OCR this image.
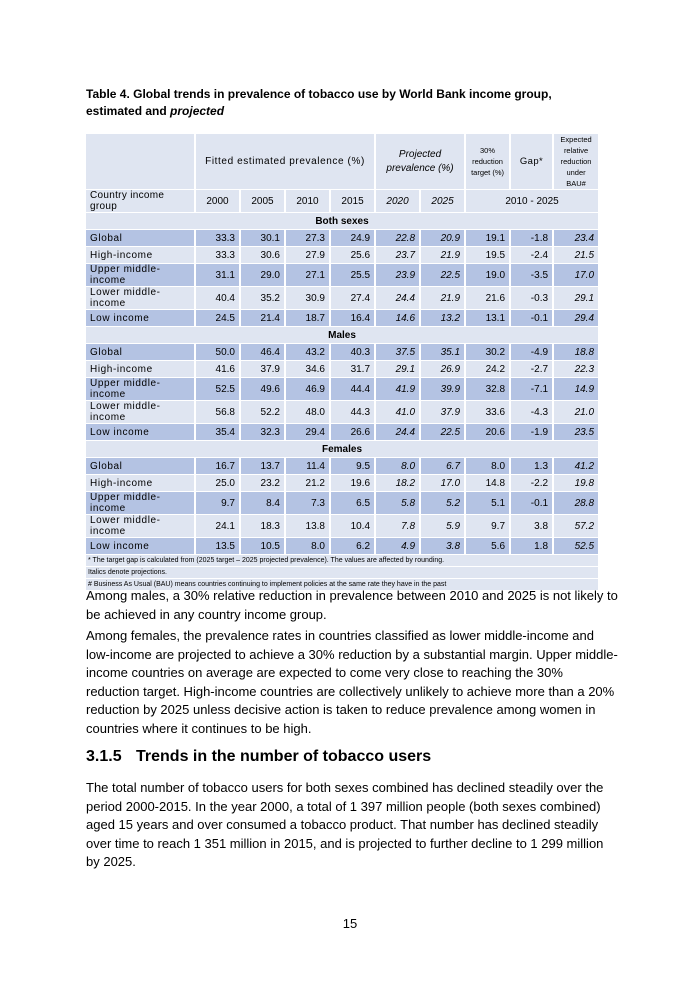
Table 4. Global trends in prevalence of tobacco use by World Bank income group, estimated and projected
	Fitted estimated prevalence (%)				Projected prevalence (%)		30% reduction target (%)	Gap*	Expected relative reduction under BAU#
Country income group	2000	2005	2010	2015	2020	2025	2010 - 2025		
Both sexes									
Global	33.3	30.1	27.3	24.9	22.8	20.9	19.1	-1.8	23.4
High-income	33.3	30.6	27.9	25.6	23.7	21.9	19.5	-2.4	21.5
Upper middle- income	31.1	29.0	27.1	25.5	23.9	22.5	19.0	-3.5	17.0
Lower middle-income	40.4	35.2	30.9	27.4	24.4	21.9	21.6	-0.3	29.1
Low income	24.5	21.4	18.7	16.4	14.6	13.2	13.1	-0.1	29.4
Males									
Global	50.0	46.4	43.2	40.3	37.5	35.1	30.2	-4.9	18.8
High-income	41.6	37.9	34.6	31.7	29.1	26.9	24.2	-2.7	22.3
Upper middle- income	52.5	49.6	46.9	44.4	41.9	39.9	32.8	-7.1	14.9
Lower middle-income	56.8	52.2	48.0	44.3	41.0	37.9	33.6	-4.3	21.0
Low income	35.4	32.3	29.4	26.6	24.4	22.5	20.6	-1.9	23.5
Females									
Global	16.7	13.7	11.4	9.5	8.0	6.7	8.0	1.3	41.2
High-income	25.0	23.2	21.2	19.6	18.2	17.0	14.8	-2.2	19.8
Upper middle- income	9.7	8.4	7.3	6.5	5.8	5.2	5.1	-0.1	28.8
Lower middle-income	24.1	18.3	13.8	10.4	7.8	5.9	9.7	3.8	57.2
Low income	13.5	10.5	8.0	6.2	4.9	3.8	5.6	1.8	52.5
* The target gap is calculated from (2025 target – 2025 projected prevalence). The values are affected by rounding.									
Italics denote projections.									
# Business As Usual (BAU) means countries continuing to implement policies at the same rate they have in the past									

Among males, a 30% relative reduction in prevalence between 2010 and 2025 is not likely to be achieved in any country income group.

Among females, the prevalence rates in countries classified as lower middle-income and low-income are projected to achieve a 30% reduction by a substantial margin. Upper middle-income countries on average are expected to come very close to reaching the 30% reduction target. High-income countries are collectively unlikely to achieve more than a 20% reduction by 2025 unless decisive action is taken to reduce prevalence among women in countries where it continues to be high.

3.1.5 Trends in the number of tobacco users

The total number of tobacco users for both sexes combined has declined steadily over the period 2000-2015. In the year 2000, a total of 1 397 million people (both sexes combined) aged 15 years and over consumed a tobacco product. That number has declined steadily over time to reach 1 351 million in 2015, and is projected to further decline to 1 299 million by 2025.

15
